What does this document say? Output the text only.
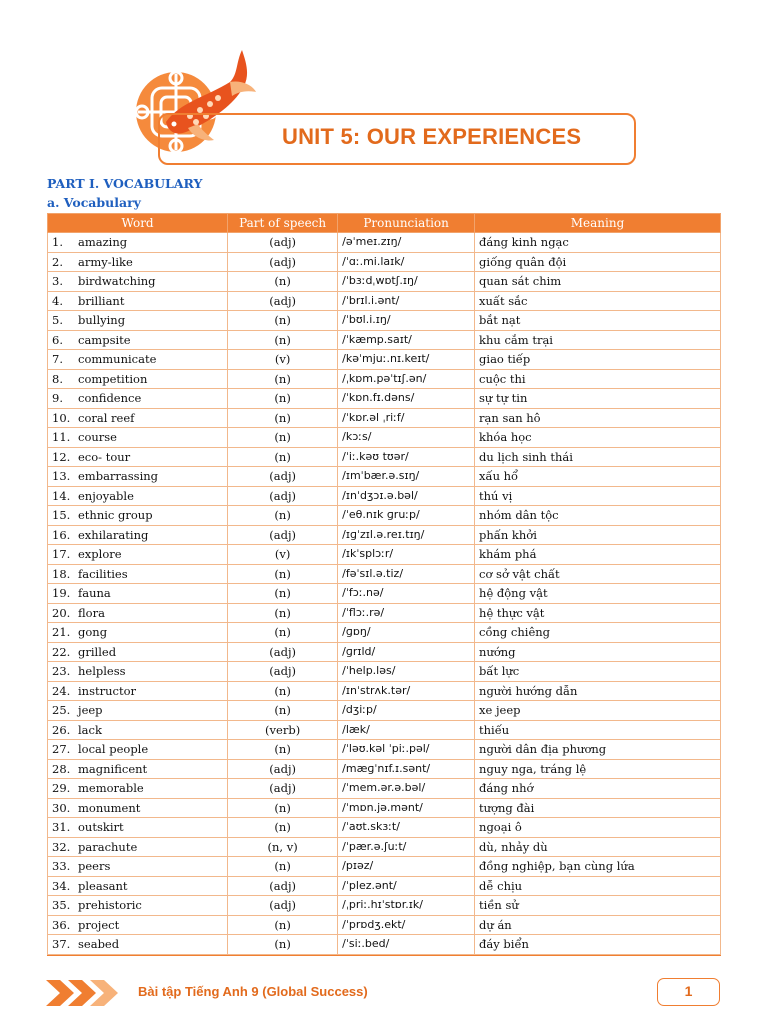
UNIT 5: OUR EXPERIENCES
PART I. VOCABULARY
a. Vocabulary
Word	Part of speech	Pronunciation	Meaning
1. amazing	(adj)	/əˈmeɪ.zɪŋ/	đáng kinh ngạc
2. army-like	(adj)	/ˈɑː.mi.laɪk/	giống quân đội
3. birdwatching	(n)	/ˈbɜːdˌwɒtʃ.ɪŋ/	quan sát chim
4. brilliant	(adj)	/ˈbrɪl.i.ənt/	xuất sắc
5. bullying	(n)	/ˈbʊl.i.ɪŋ/	bắt nạt
6. campsite	(n)	/ˈkæmp.saɪt/	khu cắm trại
7. communicate	(v)	/kəˈmjuː.nɪ.keɪt/	giao tiếp
8. competition	(n)	/ˌkɒm.pəˈtɪʃ.ən/	cuộc thi
9. confidence	(n)	/ˈkɒn.fɪ.dəns/	sự tự tin
10. coral reef	(n)	/ˈkɒr.əl ˌriːf/	rạn san hô
11. course	(n)	/kɔːs/	khóa học
12. eco- tour	(n)	/ˈiː.kəʊ tʊər/	du lịch sinh thái
13. embarrassing	(adj)	/ɪmˈbær.ə.sɪŋ/	xấu hổ
14. enjoyable	(adj)	/ɪnˈdʒɔɪ.ə.bəl/	thú vị
15. ethnic group	(n)	/ˈeθ.nɪk ɡruːp/	nhóm dân tộc
16. exhilarating	(adj)	/ɪɡˈzɪl.ə.reɪ.tɪŋ/	phấn khởi
17. explore	(v)	/ɪkˈsplɔːr/	khám phá
18. facilities	(n)	/fəˈsɪl.ə.tiz/	cơ sở vật chất
19. fauna	(n)	/ˈfɔː.nə/	hệ động vật
20. flora	(n)	/ˈflɔː.rə/	hệ thực vật
21. gong	(n)	/ɡɒŋ/	cồng chiêng
22. grilled	(adj)	/ɡrɪld/	nướng
23. helpless	(adj)	/ˈhelp.ləs/	bất lực
24. instructor	(n)	/ɪnˈstrʌk.tər/	người hướng dẫn
25. jeep	(n)	/dʒiːp/	xe jeep
26. lack	(verb)	/læk/	thiếu
27. local people	(n)	/ˈləʊ.kəl ˈpiː.pəl/	người dân địa phương
28. magnificent	(adj)	/mæɡˈnɪf.ɪ.sənt/	nguy nga, tráng lệ
29. memorable	(adj)	/ˈmem.ər.ə.bəl/	đáng nhớ
30. monument	(n)	/ˈmɒn.jə.mənt/	tượng đài
31. outskirt	(n)	/ˈaʊt.skɜːt/	ngoại ô
32. parachute	(n, v)	/ˈpær.ə.ʃuːt/	dù, nhảy dù
33. peers	(n)	/pɪəz/	đồng nghiệp, bạn cùng lứa
34. pleasant	(adj)	/ˈplez.ənt/	dễ chịu
35. prehistoric	(adj)	/ˌpriː.hɪˈstɒr.ɪk/	tiền sử
36. project	(n)	/ˈprɒdʒ.ekt/	dự án
37. seabed	(n)	/ˈsiː.bed/	đáy biển
Bài tập Tiếng Anh 9 (Global Success)	1
